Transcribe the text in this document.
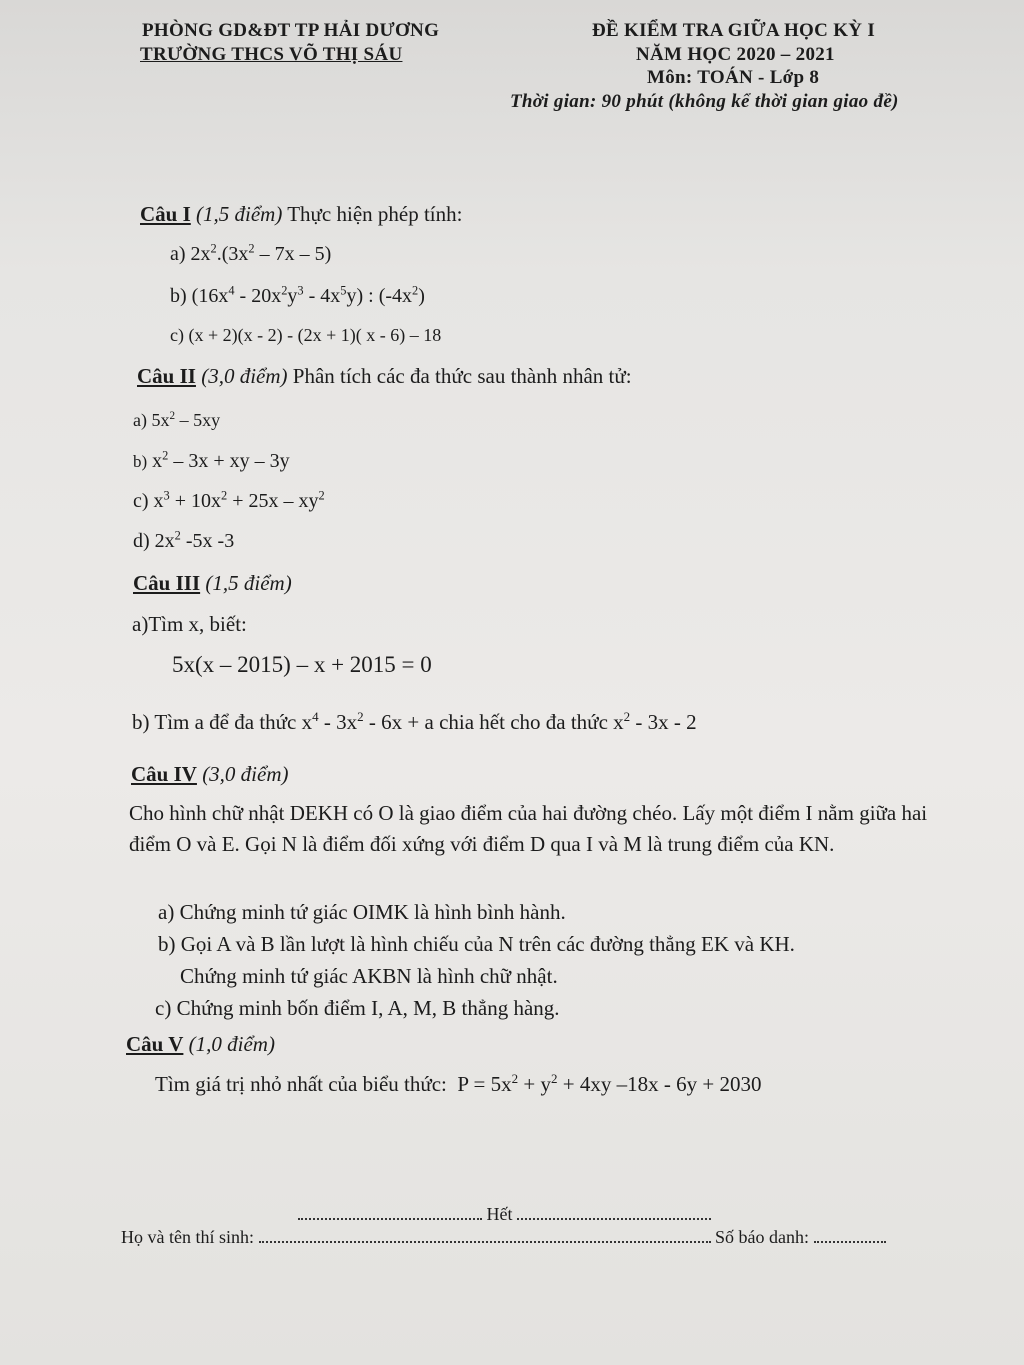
PHÒNG GD&ĐT TP HẢI DƯƠNG
TRƯỜNG THCS VÕ THỊ SÁU
ĐỀ KIỂM TRA GIỮA HỌC KỲ I
NĂM HỌC 2020 – 2021
Môn: TOÁN - Lớp 8
Thời gian: 90 phút (không kể thời gian giao đề)
Câu I (1,5 điểm) Thực hiện phép tính:
a) $2x^2.(3x^2 - 7x - 5)$
b) $(16x^4 - 20x^2y^3 - 4x^5y)$ : $(-4x^2)$
c) (x + 2)(x - 2) - (2x + 1)( x - 6) – 18
Câu II (3,0 điểm) Phân tích các đa thức sau thành nhân tử:
a) $5x^2 - 5xy$
b) $x^2 - 3x$ + xy – 3y
c) $x^3 + 10x^2 + 25x - xy^2$
d) $2x^2$ -5x -3
Câu III (1,5 điểm)
a)Tìm x, biết:
5x(x – 2015) – x + 2015 = 0
b) Tìm a để đa thức $x^4 - 3x^2 - 6x + a$ chia hết cho đa thức $x^2 - 3x - 2$
Câu IV (3,0 điểm)
Cho hình chữ nhật DEKH có O là giao điểm của hai đường chéo. Lấy một điểm I nằm giữa hai điểm O và E. Gọi N là điểm đối xứng với điểm D qua I và M là trung điểm của KN.
a) Chứng minh tứ giác OIMK là hình bình hành.
b) Gọi A và B lần lượt là hình chiếu của N trên các đường thẳng EK và KH.
Chứng minh tứ giác AKBN là hình chữ nhật.
c) Chứng minh bốn điểm I, A, M, B thẳng hàng.
Câu V (1,0 điểm)
Tìm giá trị nhỏ nhất của biểu thức:  $P = 5x^2 + y^2 + 4xy$ –18x - 6y + 2030
Hết
Họ và tên thí sinh:	Số báo danh:
